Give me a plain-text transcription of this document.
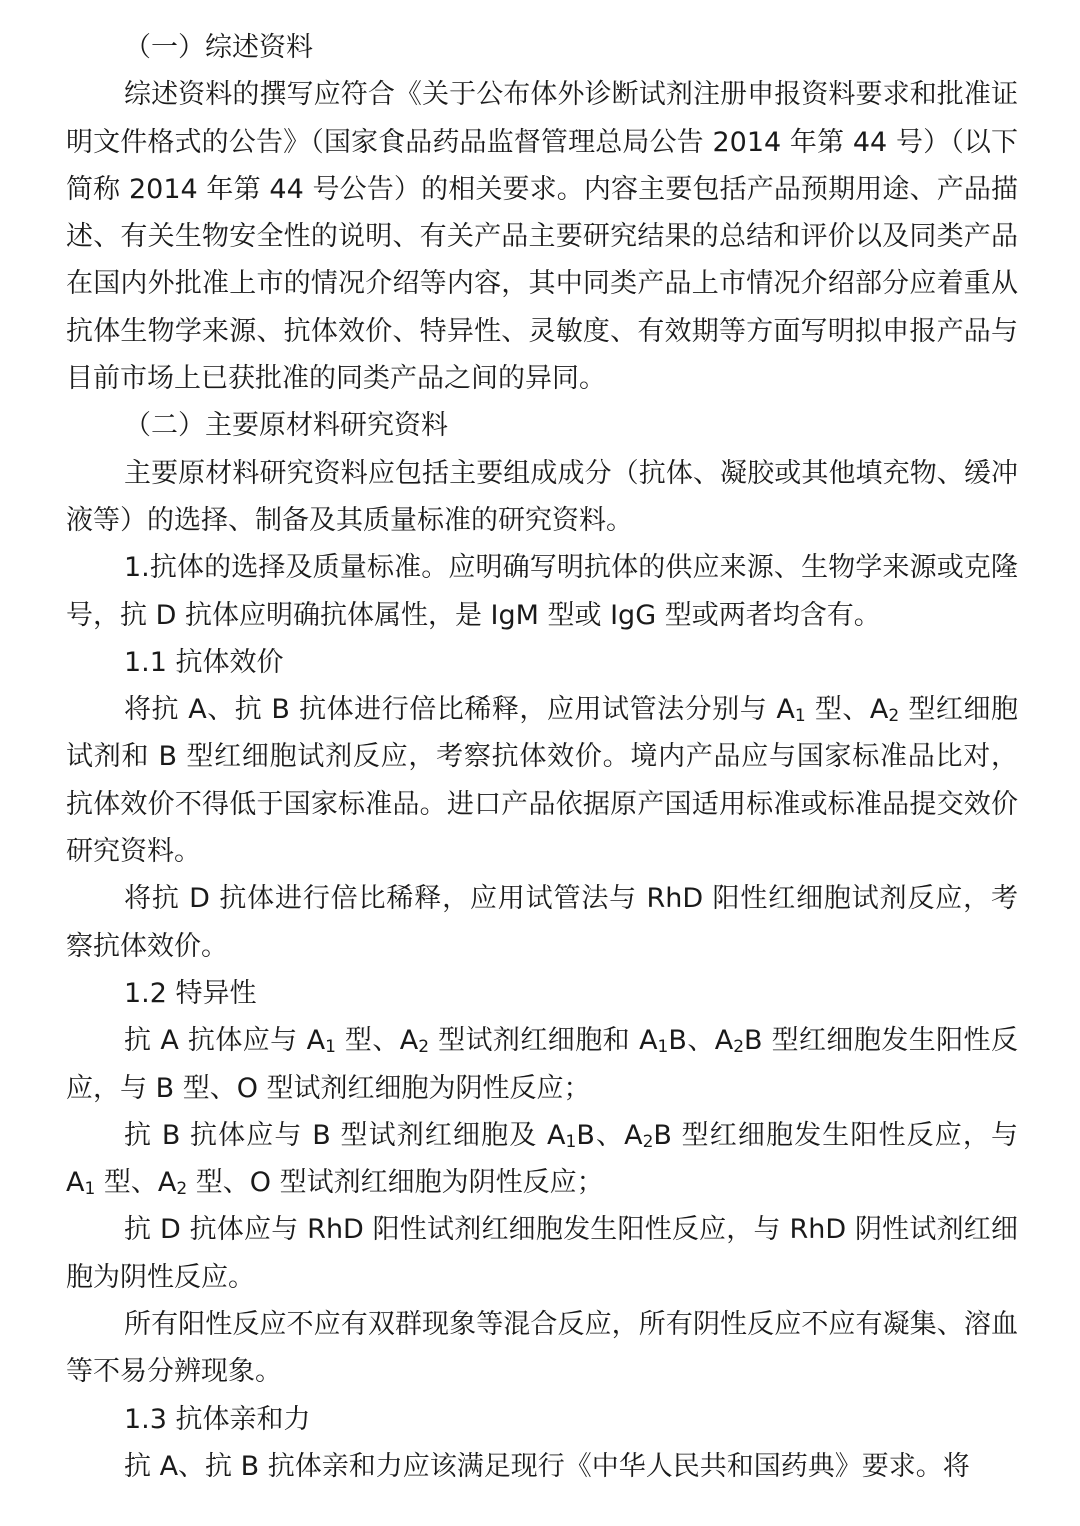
（一）综述资料

综述资料的撰写应符合《关于公布体外诊断试剂注册申报资料要求和批准证明文件格式的公告》（国家食品药品监督管理总局公告 2014 年第 44 号）（以下简称 2014 年第 44 号公告）的相关要求。内容主要包括产品预期用途、产品描述、有关生物安全性的说明、有关产品主要研究结果的总结和评价以及同类产品在国内外批准上市的情况介绍等内容，其中同类产品上市情况介绍部分应着重从抗体生物学来源、抗体效价、特异性、灵敏度、有效期等方面写明拟申报产品与目前市场上已获批准的同类产品之间的异同。

（二）主要原材料研究资料

主要原材料研究资料应包括主要组成成分（抗体、凝胶或其他填充物、缓冲液等）的选择、制备及其质量标准的研究资料。

1.抗体的选择及质量标准。应明确写明抗体的供应来源、生物学来源或克隆号，抗 D 抗体应明确抗体属性，是 IgM 型或 IgG 型或两者均含有。

1.1 抗体效价

将抗 A、抗 B 抗体进行倍比稀释，应用试管法分别与 $A_1$ 型、$A_2$ 型红细胞试剂和 B 型红细胞试剂反应，考察抗体效价。境内产品应与国家标准品比对，抗体效价不得低于国家标准品。进口产品依据原产国适用标准或标准品提交效价研究资料。

将抗 D 抗体进行倍比稀释，应用试管法与 RhD 阳性红细胞试剂反应，考察抗体效价。

1.2 特异性

抗 A 抗体应与 $A_1$ 型、$A_2$ 型试剂红细胞和 $A_1B$、$A_2B$ 型红细胞发生阳性反应，与 B 型、O 型试剂红细胞为阴性反应；

抗 B 抗体应与 B 型试剂红细胞及 $A_1B$、$A_2B$ 型红细胞发生阳性反应，与 $A_1$ 型、$A_2$ 型、O 型试剂红细胞为阴性反应；

抗 D 抗体应与 RhD 阳性试剂红细胞发生阳性反应，与 RhD 阴性试剂红细胞为阴性反应。

所有阳性反应不应有双群现象等混合反应，所有阴性反应不应有凝集、溶血等不易分辨现象。

1.3 抗体亲和力

抗 A、抗 B 抗体亲和力应该满足现行《中华人民共和国药典》要求。将
